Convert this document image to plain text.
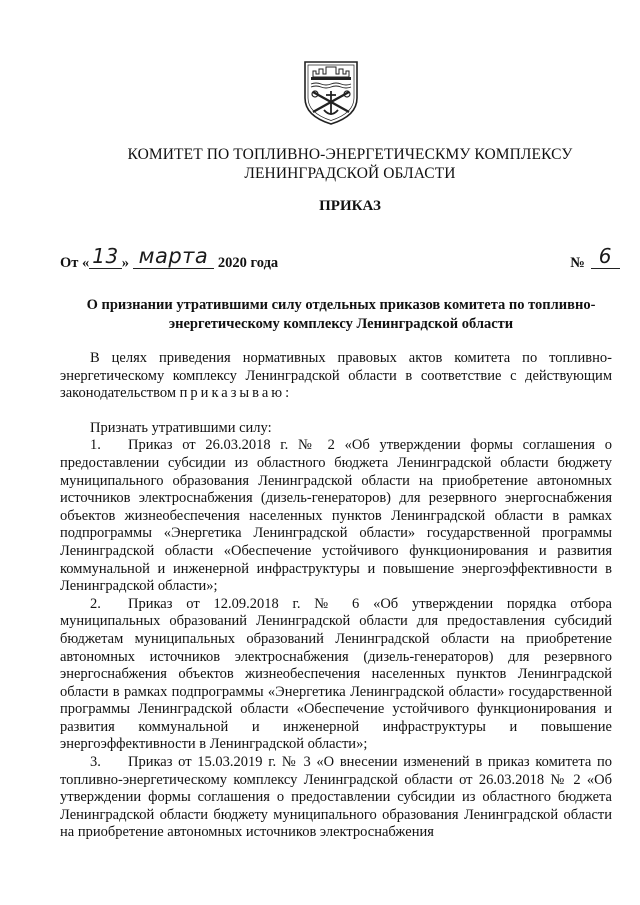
КОМИТЕТ ПО ТОПЛИВНО-ЭНЕРГЕТИЧЕСКМУ КОМПЛЕКСУ
ЛЕНИНГРАДСКОЙ ОБЛАСТИ
ПРИКАЗ
От « 13 » марта 2020 года	№ 6
О признании утратившими силу отдельных приказов комитета по топливно-
энергетическому комплексу Ленинградской области

В целях приведения нормативных правовых актов комитета по топливно-энергетическому комплексу Ленинградской области в соответствие с действующим законодательством приказываю:

Признать утратившими силу:

1. Приказ от 26.03.2018 г. № 2 «Об утверждении формы соглашения о предоставлении субсидии из областного бюджета Ленинградской области бюджету муниципального образования Ленинградской области на приобретение автономных источников электроснабжения (дизель-генераторов) для резервного энергоснабжения объектов жизнеобеспечения населенных пунктов Ленинградской области в рамках подпрограммы «Энергетика Ленинградской области» государственной программы Ленинградской области «Обеспечение устойчивого функционирования и развития коммунальной и инженерной инфраструктуры и повышение энергоэффективности в Ленинградской области»;

2. Приказ от 12.09.2018 г. № 6 «Об утверждении порядка отбора муниципальных образований Ленинградской области для предоставления субсидий бюджетам муниципальных образований Ленинградской области на приобретение автономных источников электроснабжения (дизель-генераторов) для резервного энергоснабжения объектов жизнеобеспечения населенных пунктов Ленинградской области в рамках подпрограммы «Энергетика Ленинградской области» государственной программы Ленинградской области «Обеспечение устойчивого функционирования и развития коммунальной и инженерной инфраструктуры и повышение энергоэффективности в Ленинградской области»;

3. Приказ от 15.03.2019 г. № 3 «О внесении изменений в приказ комитета по топливно-энергетическому комплексу Ленинградской области от 26.03.2018 № 2 «Об утверждении формы соглашения о предоставлении субсидии из областного бюджета Ленинградской области бюджету муниципального образования Ленинградской области на приобретение автономных источников электроснабжения
